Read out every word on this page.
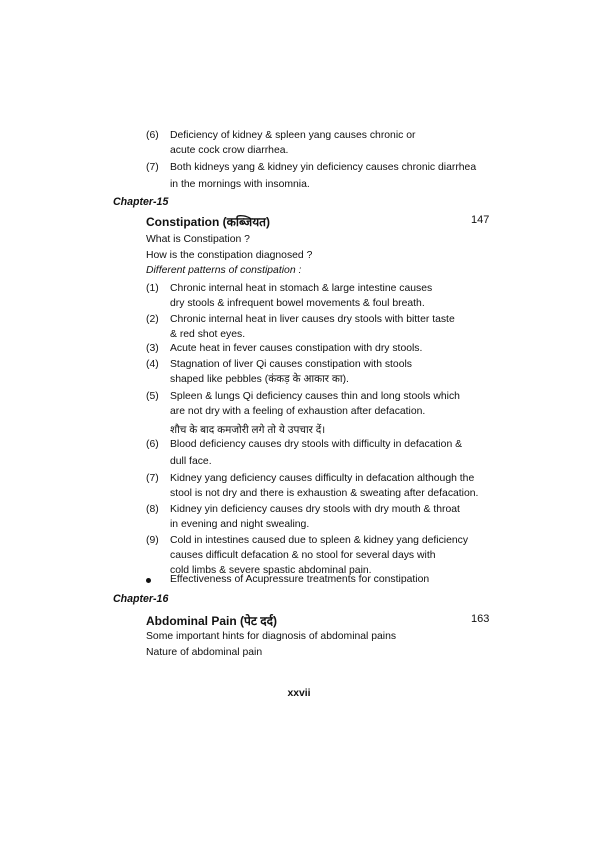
(6) Deficiency of kidney & spleen yang causes chronic or
acute cock crow diarrhea.
(7) Both kidneys yang & kidney yin deficiency causes chronic diarrhea
in the mornings with insomnia.
Chapter-15
Constipation (कब्जियत)	147
What is Constipation ?
How is the constipation diagnosed ?
Different patterns of constipation :
(1) Chronic internal heat in stomach & large intestine causes
dry stools & infrequent bowel movements & foul breath.
(2) Chronic internal heat in liver causes dry stools with bitter taste
& red shot eyes.
(3) Acute heat in fever causes constipation with dry stools.
(4) Stagnation of liver Qi causes constipation with stools
shaped like pebbles (कंकड़ के आकार का).
(5) Spleen & lungs Qi deficiency causes thin and long stools which
are not dry with a feeling of exhaustion after defacation.
शौच के बाद कमजोरी लगे तो ये उपचार दें।
(6) Blood deficiency causes dry stools with difficulty in defacation &
dull face.
(7) Kidney yang deficiency causes difficulty in defacation although the
stool is not dry and there is exhaustion & sweating after defacation.
(8) Kidney yin deficiency causes dry stools with dry mouth & throat
in evening and night swealing.
(9) Cold in intestines caused due to spleen & kidney yang deficiency
causes difficult defacation & no stool for several days with
cold limbs & severe spastic abdominal pain.
Effectiveness of Acupressure treatments for constipation
Chapter-16
Abdominal Pain (पेट दर्द)	163
Some important hints for diagnosis of abdominal pains
Nature of abdominal pain
xxvii
